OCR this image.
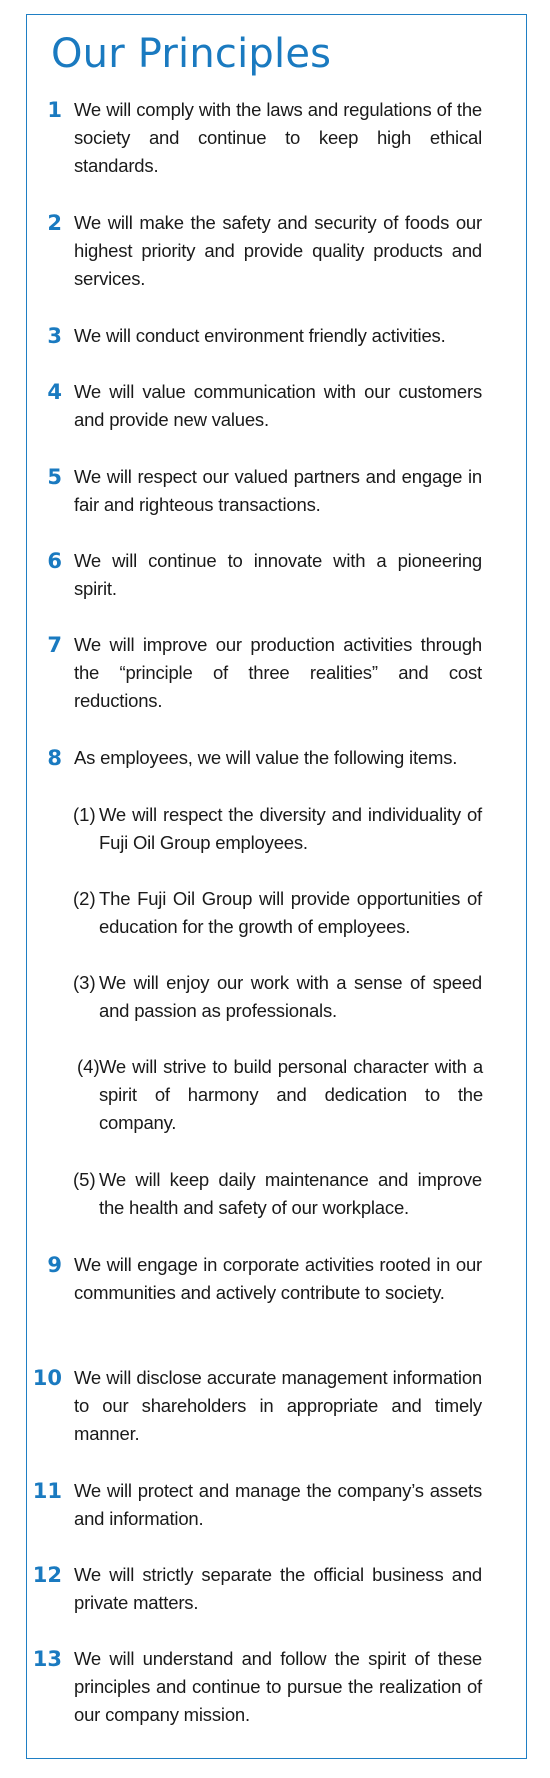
Our Principles
1 We will comply with the laws and regulations of the society and continue to keep high ethical standards.

2 We will make the safety and security of foods our highest priority and provide quality products and services.

3 We will conduct environment friendly activities.

4 We will value communication with our customers and provide new values.

5 We will respect our valued partners and engage in fair and righteous transactions.

6 We will continue to innovate with a pioneering spirit.

7 We will improve our production activities through the “principle of three realities” and cost reductions.

8 As employees, we will value the following items.

(1) We will respect the diversity and individuality of Fuji Oil Group employees.

(2) The Fuji Oil Group will provide opportunities of education for the growth of employees.

(3) We will enjoy our work with a sense of speed and passion as professionals.

(4) We will strive to build personal character with a spirit of harmony and dedication to the company.

(5) We will keep daily maintenance and improve the health and safety of our workplace.

9 We will engage in corporate activities rooted in our communities and actively contribute to society.

10 We will disclose accurate management information to our shareholders in appropriate and timely manner.

11 We will protect and manage the company’s assets and information.

12 We will strictly separate the official business and private matters.

13 We will understand and follow the spirit of these principles and continue to pursue the realization of our company mission.
